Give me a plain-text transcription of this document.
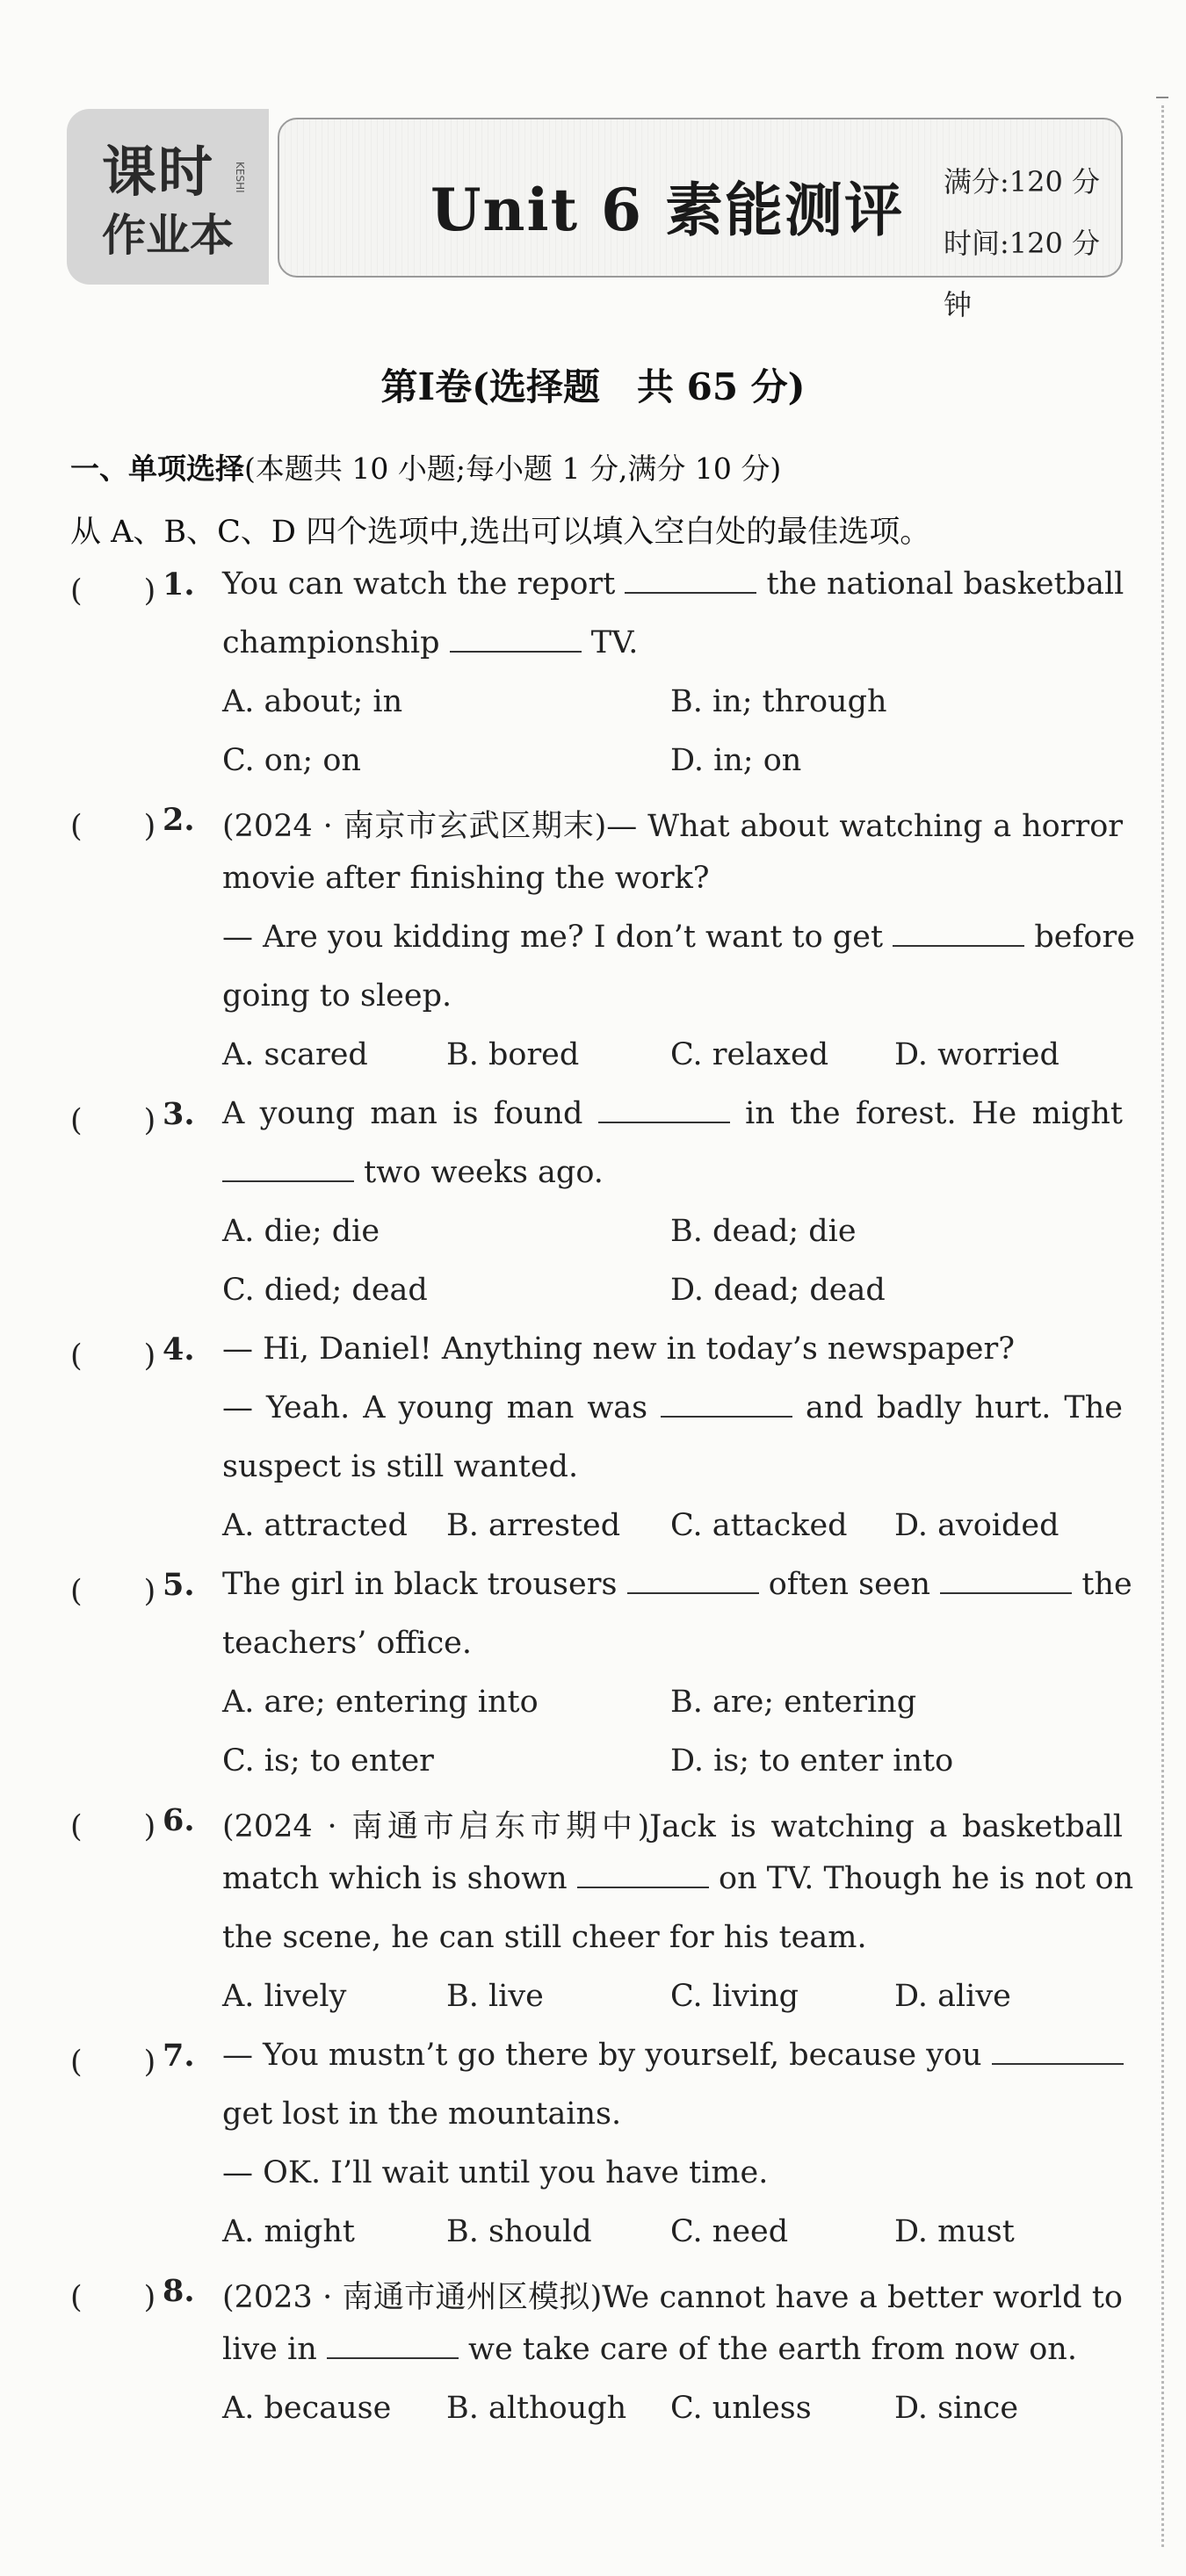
课时
作业本
KESHI	Unit 6 素能测评 满分:120 分
时间:120 分钟
第Ⅰ卷(选择题　共 65 分)
一、单项选择(本题共 10 小题;每小题 1 分,满分 10 分)
从 A、B、C、D 四个选项中,选出可以填入空白处的最佳选项。
(　　) 1. You can watch the report	the national basketball
championship	TV.
A. about; in	B. in; through
C. on; on	D. in; on
(　　) 2. (2024 · 南京市玄武区期末)— What about watching a horror
movie after finishing the work?
— Are you kidding me? I don’t want to get	before
going to sleep.
A. scared	B. bored	C. relaxed D. worried
(　　) 3. A young man is found	in the forest. He might
two weeks ago.
A. die; die	B. dead; die
C. died; dead	D. dead; dead
(　　) 4. — Hi, Daniel! Anything new in today’s newspaper?
— Yeah. A young man was	and badly hurt. The
suspect is still wanted.
A. attracted B. arrested C. attacked D. avoided
(　　) 5. The girl in black trousers	often seen	the
teachers’ office.
A. are; entering into	B. are; entering
C. is; to enter	D. is; to enter into
(　　) 6. (2024 · 南通市启东市期中)Jack is watching a basketball
match which is shown	on TV. Though he is not on
the scene, he can still cheer for his team.
A. lively	B. live	C. living	D. alive
(　　) 7. — You mustn’t go there by yourself, because you
get lost in the mountains.
— OK. I’ll wait until you have time.
A. might	B. should	C. need	D. must
(　　) 8. (2023 · 南通市通州区模拟)We cannot have a better world to
live in	we take care of the earth from now on.
A. because B. although C. unless	D. since
